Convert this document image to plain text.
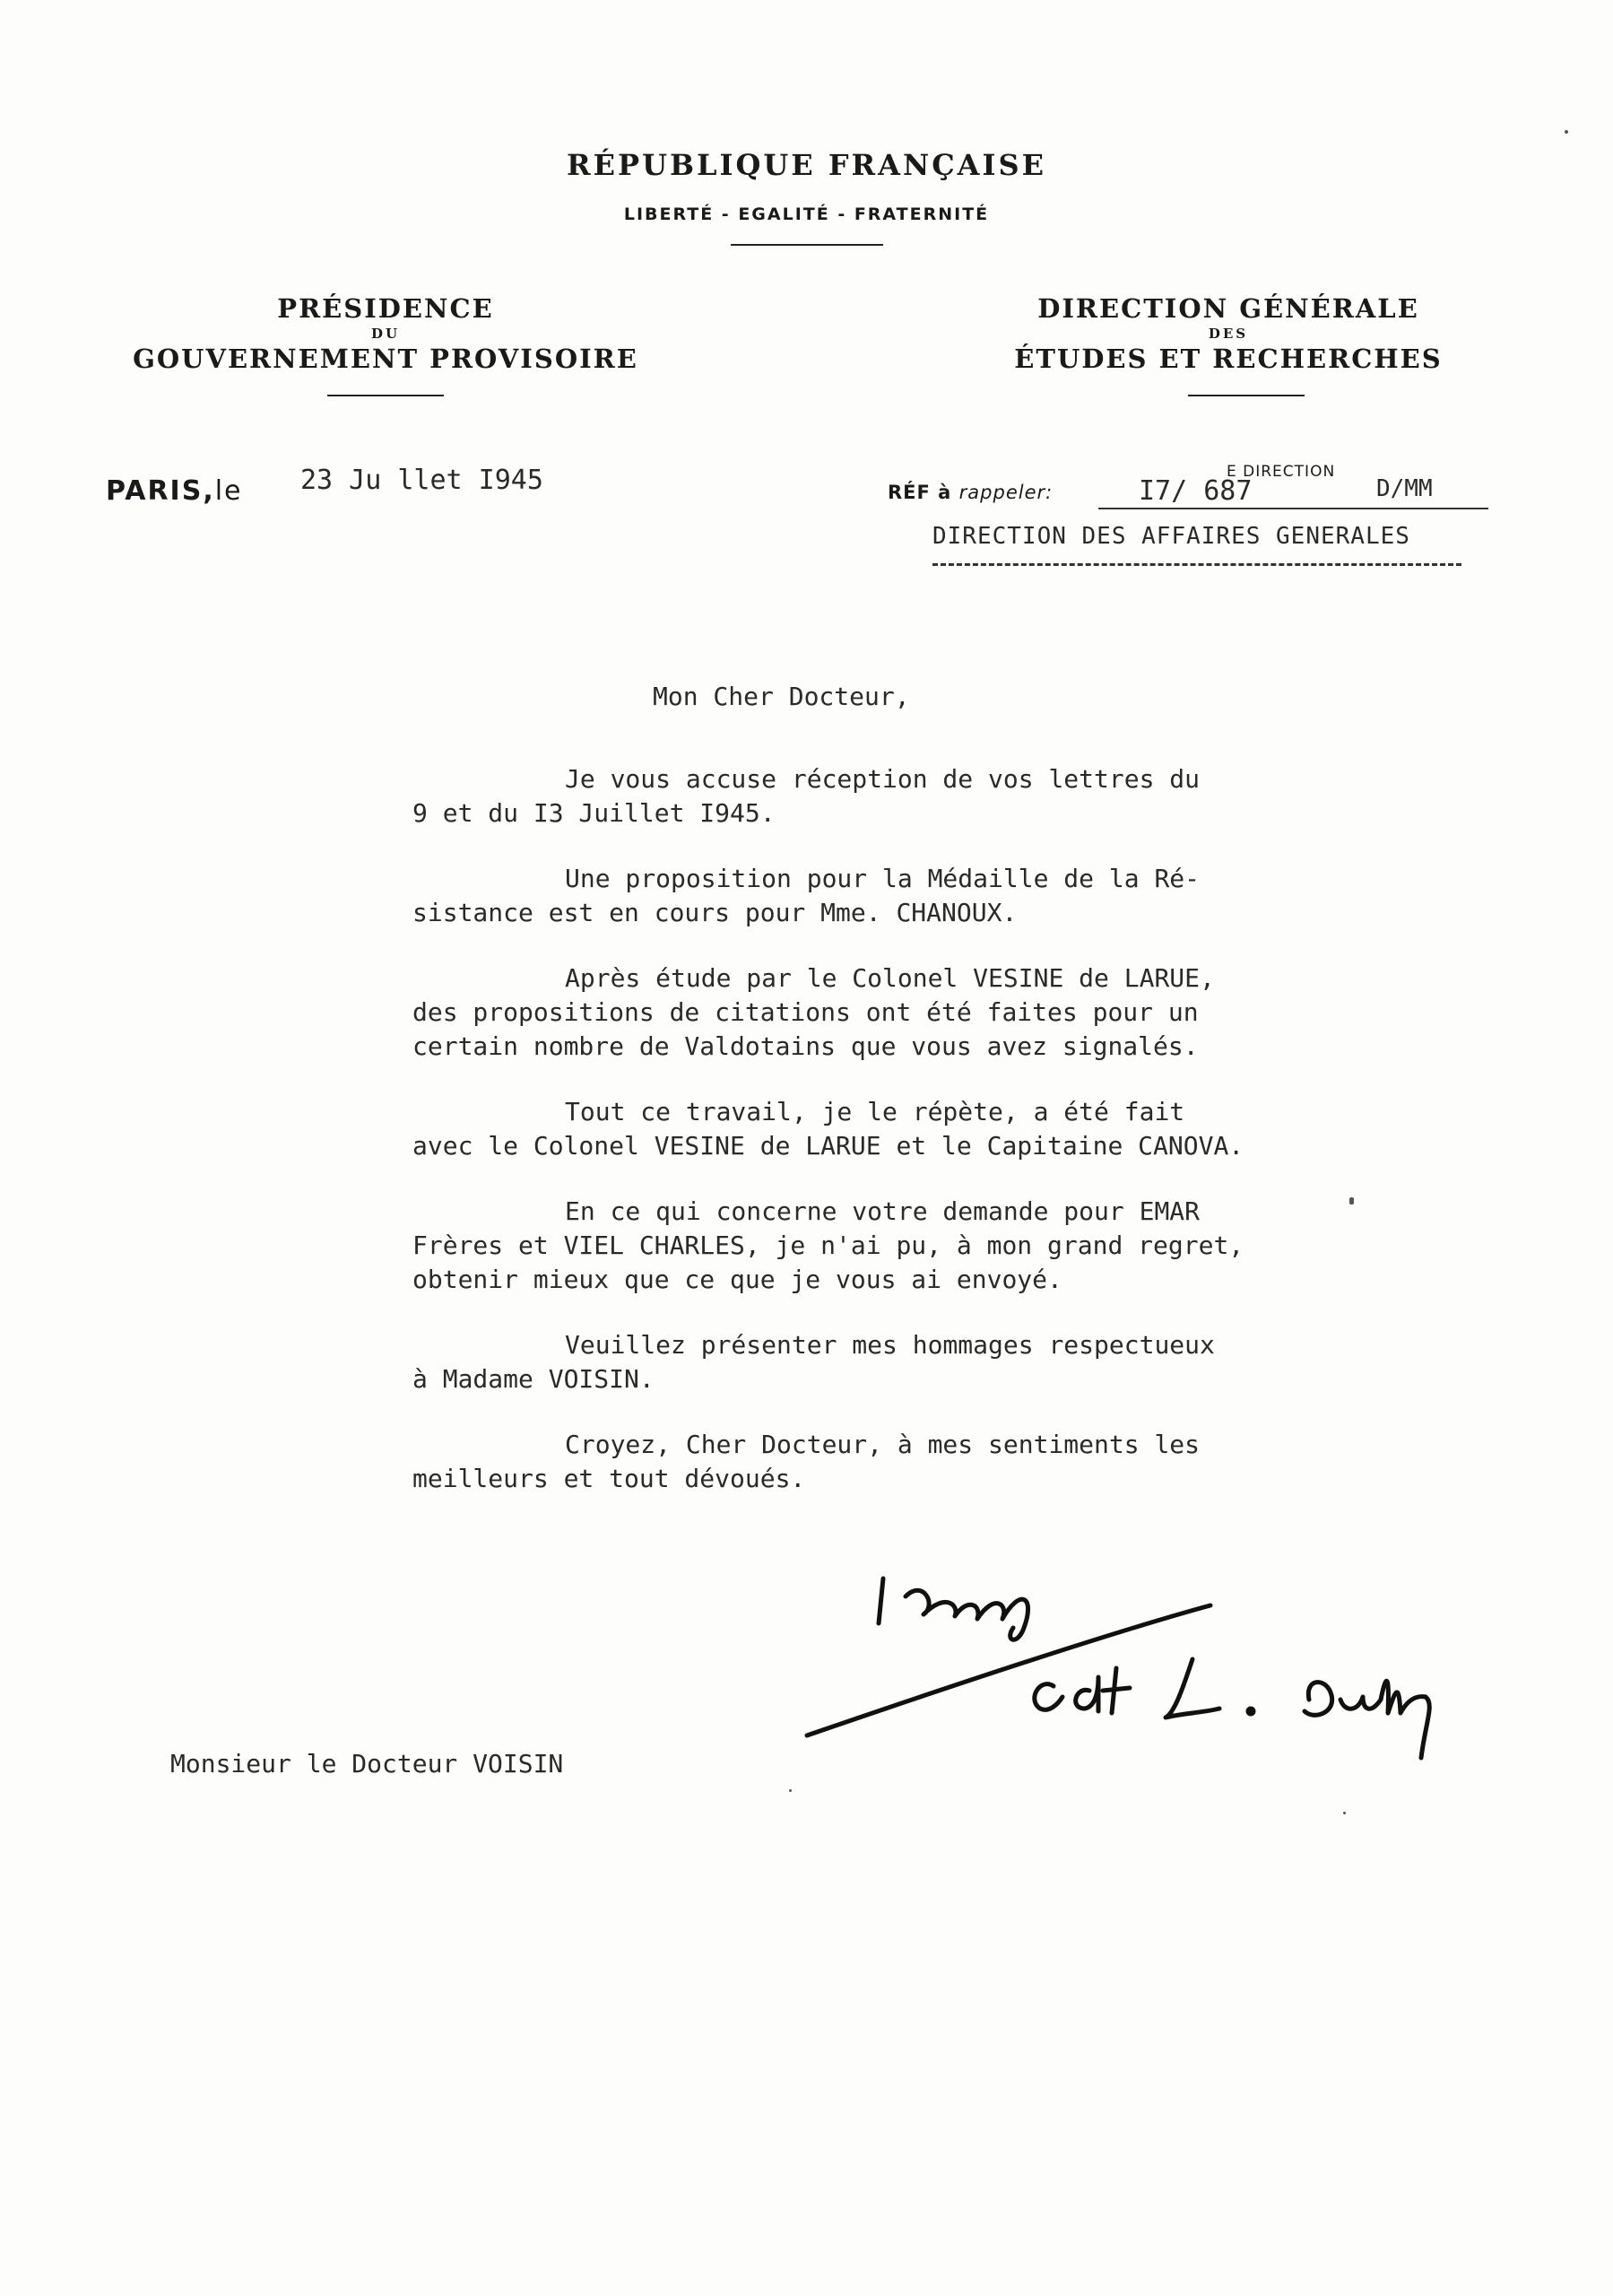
RÉPUBLIQUE FRANÇAISE
LIBERTÉ - EGALITÉ - FRATERNITÉ
PRÉSIDENCE
DU
GOUVERNEMENT PROVISOIRE
DIRECTION GÉNÉRALE
DES
ÉTUDES ET RECHERCHES
PARIS,le 23 Ju llet I945	RÉF à rappeler:
E DIRECTION
I7/ 687	D/MM
DIRECTION DES AFFAIRES GENERALES
Mon Cher Docteur,

Je vous accuse réception de vos lettres du
9 et du I3 Juillet I945.

Une proposition pour la Médaille de la Ré-
sistance est en cours pour Mme. CHANOUX.

Après étude par le Colonel VESINE de LARUE,
des propositions de citations ont été faites pour un
certain nombre de Valdotains que vous avez signalés.

Tout ce travail, je le répète, a été fait
avec le Colonel VESINE de LARUE et le Capitaine CANOVA.

En ce qui concerne votre demande pour EMAR
Frères et VIEL CHARLES, je n'ai pu, à mon grand regret,
obtenir mieux que ce que je vous ai envoyé.

Veuillez présenter mes hommages respectueux
à Madame VOISIN.

Croyez, Cher Docteur, à mes sentiments les
meilleurs et tout dévoués.

Monsieur le Docteur VOISIN
